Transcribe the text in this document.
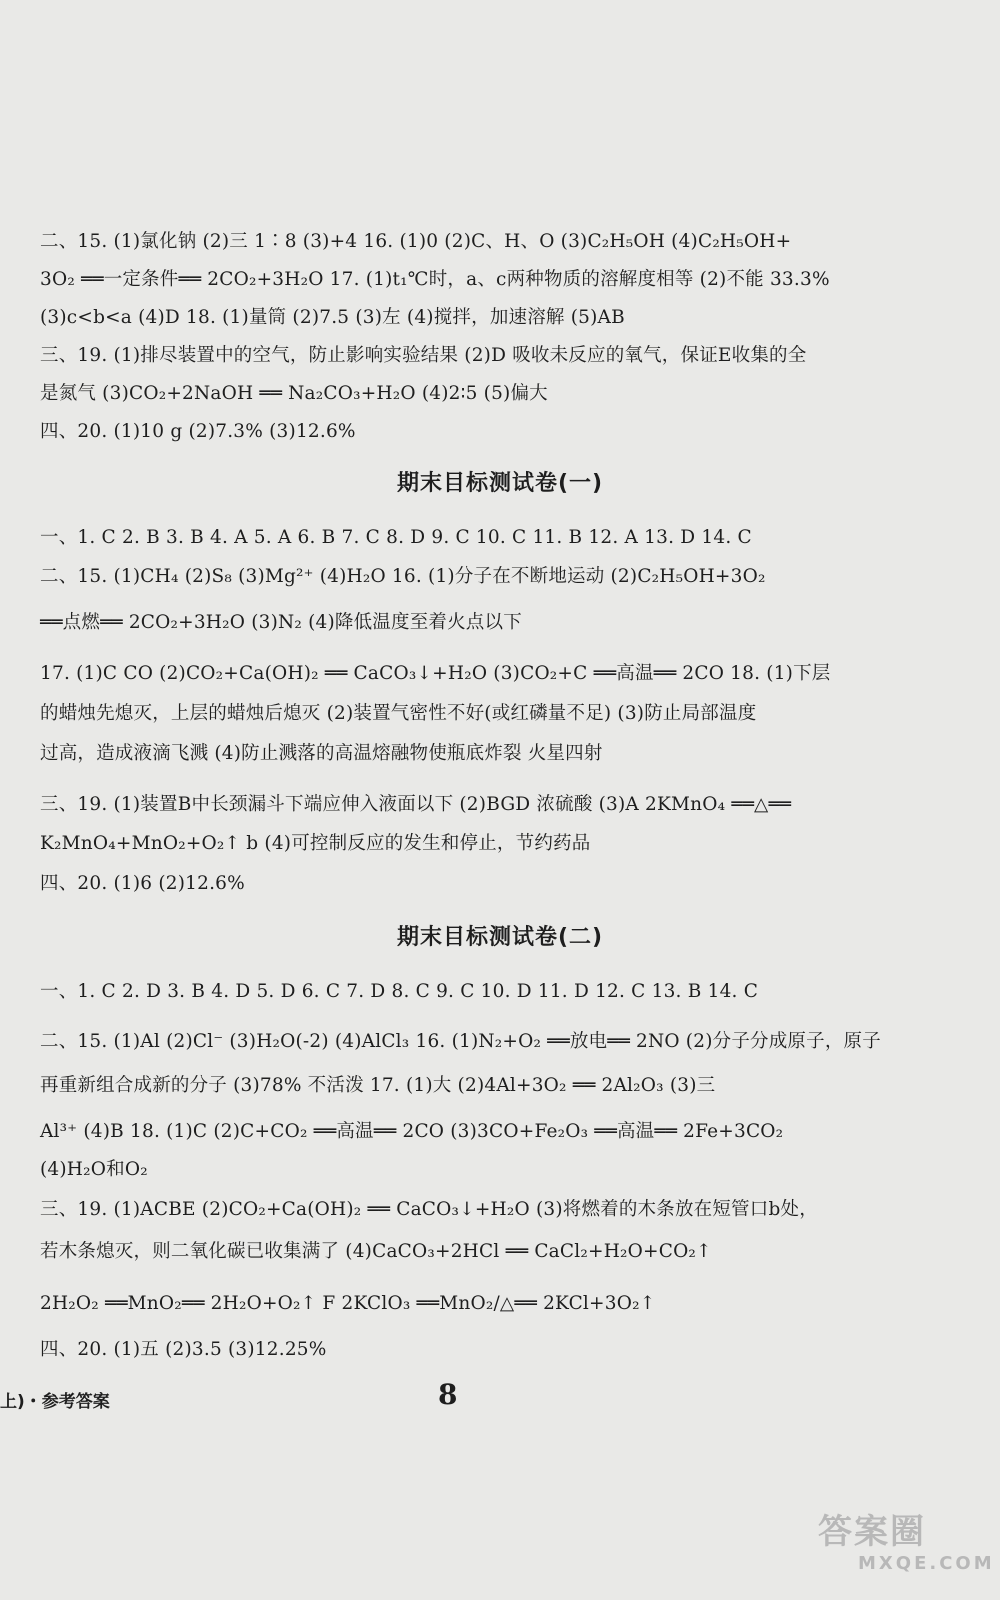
二、15. (1)氯化钠 (2)三 1∶8 (3)+4 16. (1)0 (2)C、H、O (3)C₂H₅OH (4)C₂H₅OH+
3O₂ ══一定条件══ 2CO₂+3H₂O 17. (1)t₁℃时，a、c两种物质的溶解度相等 (2)不能 33.3%
(3)c<b<a (4)D 18. (1)量筒 (2)7.5 (3)左 (4)搅拌，加速溶解 (5)AB
三、19. (1)排尽装置中的空气，防止影响实验结果 (2)D 吸收未反应的氧气，保证E收集的全
是氮气 (3)CO₂+2NaOH ══ Na₂CO₃+H₂O (4)2∶5 (5)偏大
四、20. (1)10 g (2)7.3% (3)12.6%
期末目标测试卷(一)
一、1. C 2. B 3. B 4. A 5. A 6. B 7. C 8. D 9. C 10. C 11. B 12. A 13. D 14. C
二、15. (1)CH₄ (2)S₈ (3)Mg²⁺ (4)H₂O 16. (1)分子在不断地运动 (2)C₂H₅OH+3O₂
══点燃══ 2CO₂+3H₂O (3)N₂ (4)降低温度至着火点以下
17. (1)C CO (2)CO₂+Ca(OH)₂ ══ CaCO₃↓+H₂O (3)CO₂+C ══高温══ 2CO 18. (1)下层
的蜡烛先熄灭，上层的蜡烛后熄灭 (2)装置气密性不好(或红磷量不足) (3)防止局部温度
过高，造成液滴飞溅 (4)防止溅落的高温熔融物使瓶底炸裂 火星四射
三、19. (1)装置B中长颈漏斗下端应伸入液面以下 (2)BGD 浓硫酸 (3)A 2KMnO₄ ══△══
K₂MnO₄+MnO₂+O₂↑ b (4)可控制反应的发生和停止，节约药品
四、20. (1)6 (2)12.6%
期末目标测试卷(二)
一、1. C 2. D 3. B 4. D 5. D 6. C 7. D 8. C 9. C 10. D 11. D 12. C 13. B 14. C
二、15. (1)Al (2)Cl⁻ (3)H₂O(-2) (4)AlCl₃ 16. (1)N₂+O₂ ══放电══ 2NO (2)分子分成原子，原子
再重新组合成新的分子 (3)78% 不活泼 17. (1)大 (2)4Al+3O₂ ══ 2Al₂O₃ (3)三
Al³⁺ (4)B 18. (1)C (2)C+CO₂ ══高温══ 2CO (3)3CO+Fe₂O₃ ══高温══ 2Fe+3CO₂
(4)H₂O和O₂
三、19. (1)ACBE (2)CO₂+Ca(OH)₂ ══ CaCO₃↓+H₂O (3)将燃着的木条放在短管口b处，
若木条熄灭，则二氧化碳已收集满了 (4)CaCO₃+2HCl ══ CaCl₂+H₂O+CO₂↑
2H₂O₂ ══MnO₂══ 2H₂O+O₂↑ F 2KClO₃ ══MnO₂/△══ 2KCl+3O₂↑
四、20. (1)五 (2)3.5 (3)12.25%
上)・参考答案	8
答案圈
MXQE.COM
